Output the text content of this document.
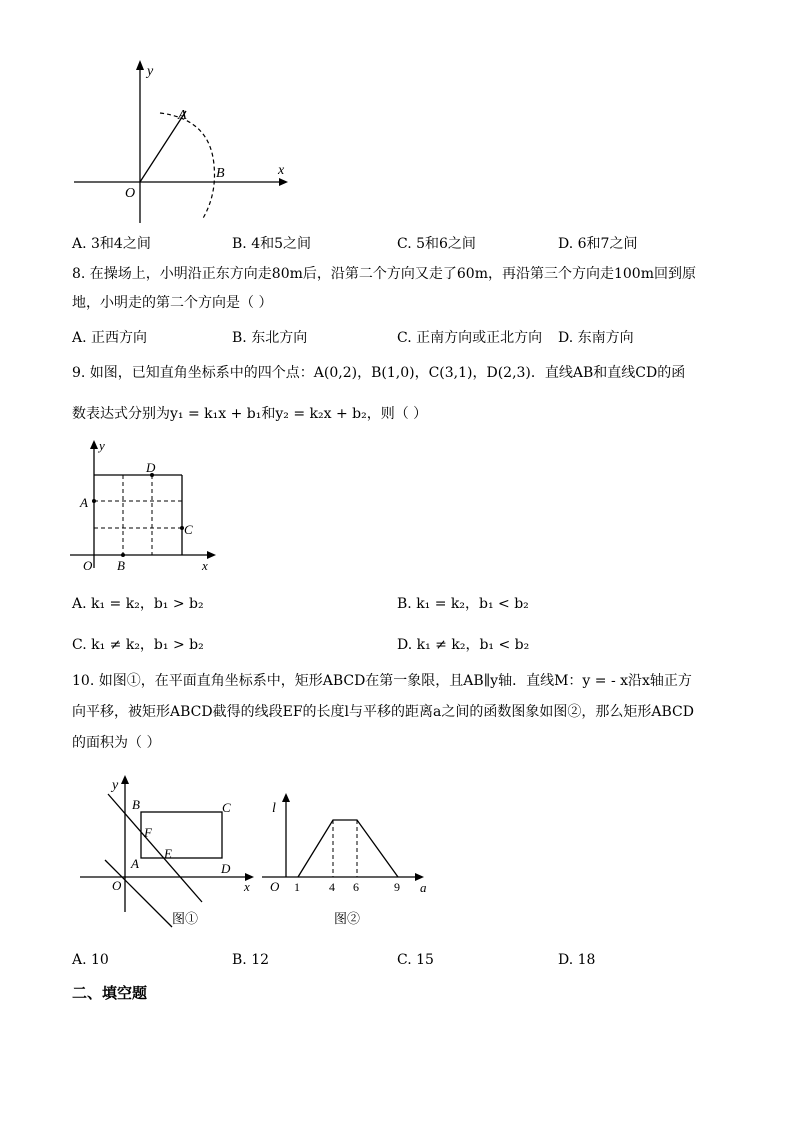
y
x
O
A
B
A. 3和4之间	B. 4和5之间	C. 5和6之间	D. 6和7之间
8. 在操场上，小明沿正东方向走80m后，沿第二个方向又走了60m，再沿第三个方向走100m回到原
地，小明走的第二个方向是（ ）
A. 正西方向	B. 东北方向	C. 正南方向或正北方向 D. 东南方向
9. 如图，已知直角坐标系中的四个点：A(0,2)，B(1,0)，C(3,1)，D(2,3)．直线AB和直线CD的函
数表达式分别为y₁ = k₁x + b₁和y₂ = k₂x + b₂，则（ ）
y
x
O
A
B
C
D
A. k₁ = k₂，b₁ > b₂	B. k₁ = k₂，b₁ < b₂
C. k₁ ≠ k₂，b₁ > b₂	D. k₁ ≠ k₂，b₁ < b₂
10. 如图①，在平面直角坐标系中，矩形ABCD在第一象限，且AB∥y轴．直线M：y = - x沿x轴正方
向平移，被矩形ABCD截得的线段EF的长度l与平移的距离a之间的函数图象如图②，那么矩形ABCD
的面积为（ ）
y
x
O
A
B	C
D
E
F
图①
l
a
O 1 4 6	9
图②
A. 10	B. 12	C. 15	D. 18
二、填空题
